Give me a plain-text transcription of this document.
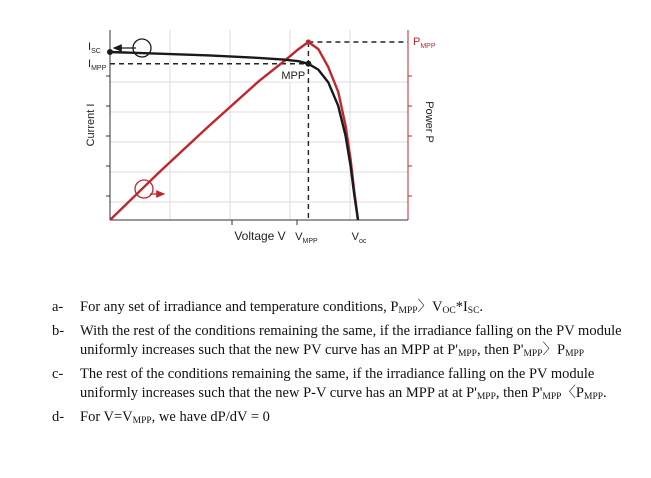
$V_{MPP}$	$V_{oc}$
$I_{SC}$
$I_{MPP}$
$P_{MPP}$
MPP
Voltage V
Current I	Power P
a- For any set of irradiance and temperature conditions, $P_{MPP}$〉$V_{OC}*I_{SC}$.
b- With the rest of the conditions remaining the same, if the irradiance falling on the PV module uniformly increases such that the new PV curve has an MPP at $P'_{MPP}$, then $P'_{MPP}$〉$P_{MPP}$
c- The rest of the conditions remaining the same, if the irradiance falling on the PV module uniformly increases such that the new P-V curve has an MPP at at $P'_{MPP}$, then $P'_{MPP}$〈$P_{MPP}$.
d- For $V=V_{MPP}$, we have dP/dV = 0
